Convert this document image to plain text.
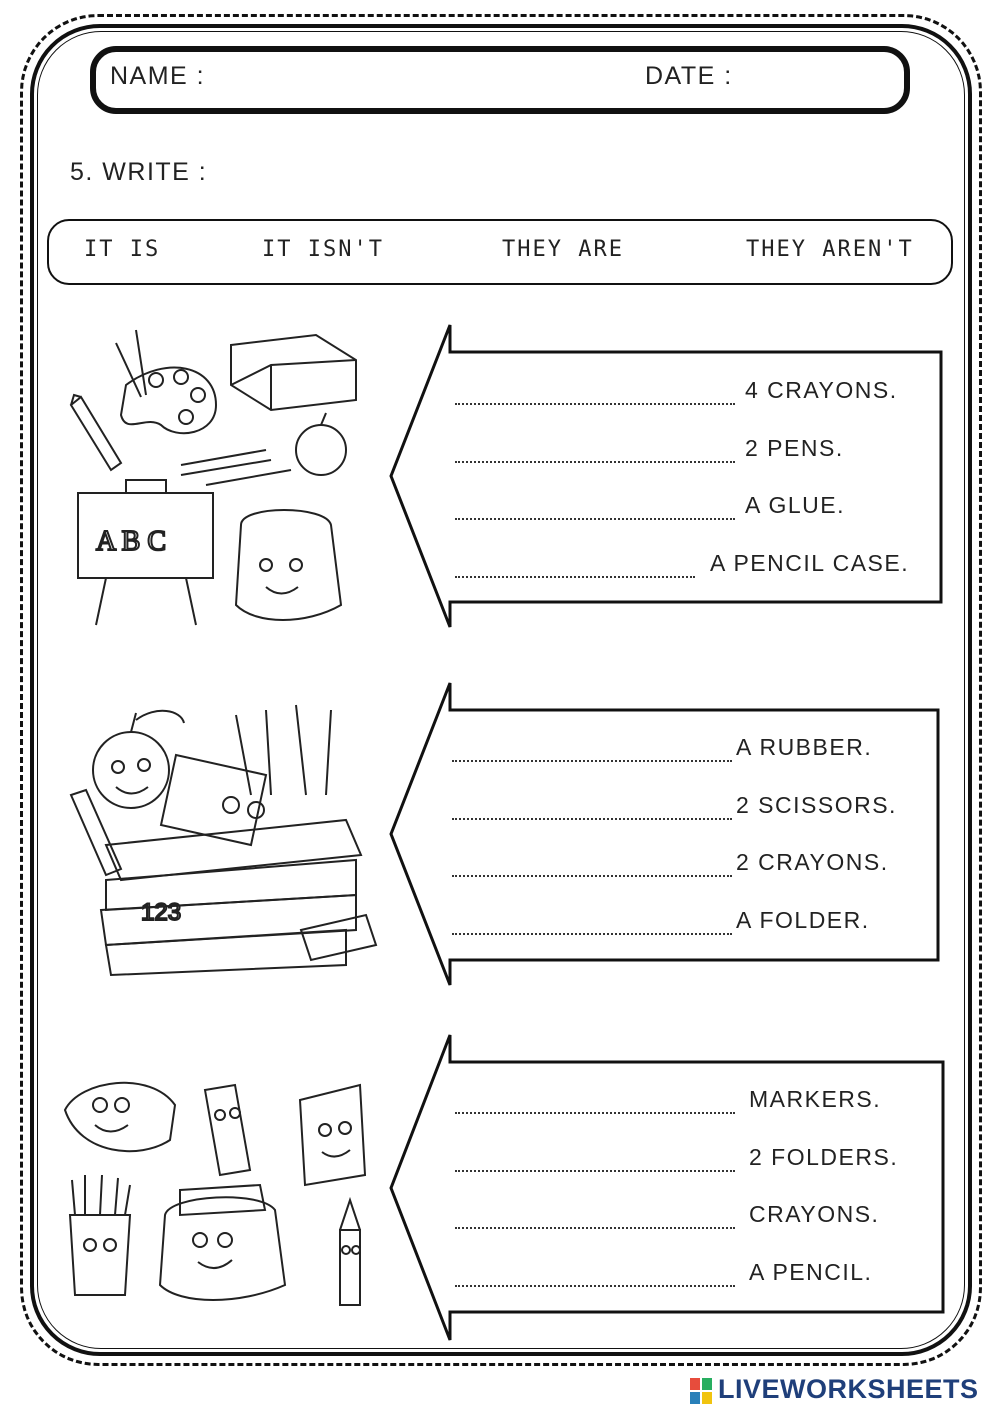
NAME :	DATE :
5. WRITE :
IT IS	IT ISN'T	THEY ARE	THEY AREN'T
A B C
4 CRAYONS.
2 PENS.
A GLUE.
A PENCIL CASE.
123
A RUBBER.
2 SCISSORS.
2 CRAYONS.
A FOLDER.
MARKERS.
2 FOLDERS.
CRAYONS.
A PENCIL.
LIVEWORKSHEETS
